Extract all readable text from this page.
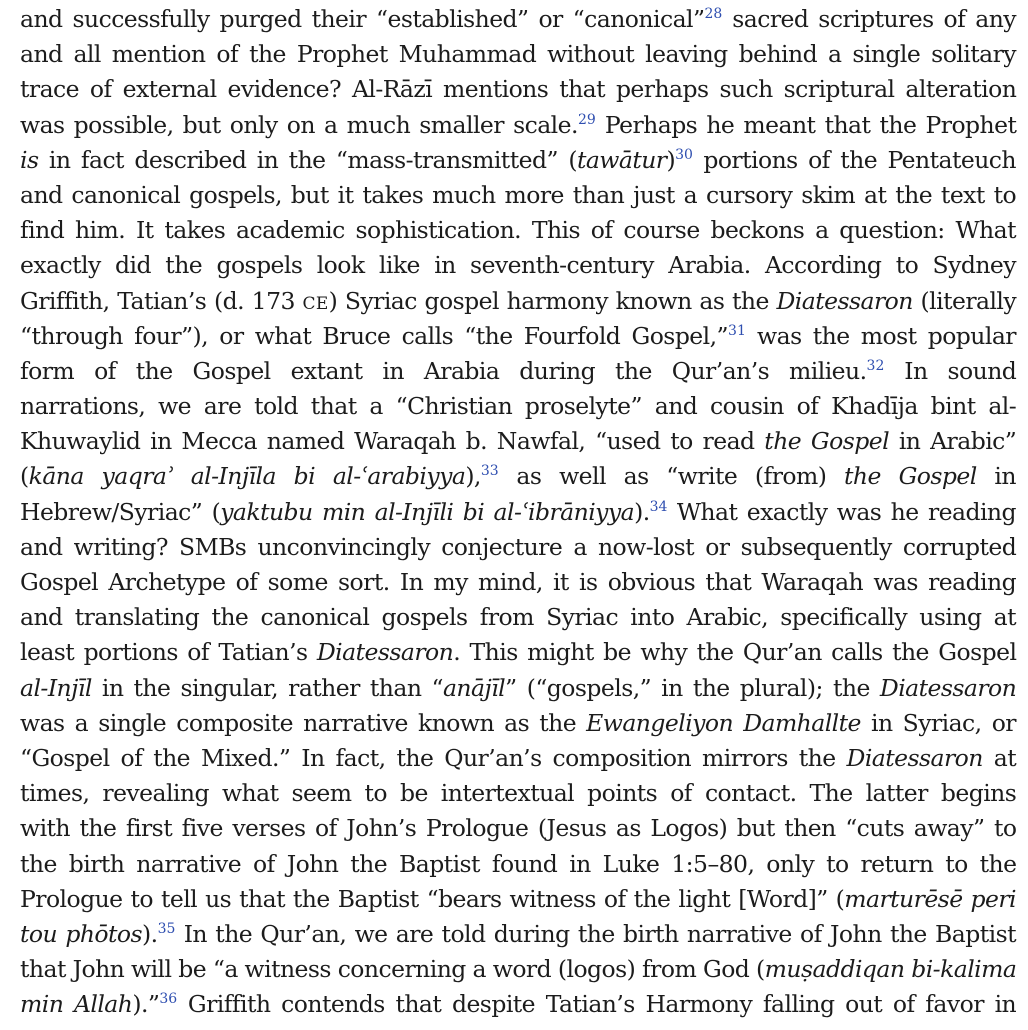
and successfully purged their “established” or “canonical”$^{28}$ sacred scriptures of any
and all mention of the Prophet Muhammad without leaving behind a single solitary
trace of external evidence? Al-Rāzī mentions that perhaps such scriptural alteration
was possible, but only on a much smaller scale.$^{29}$ Perhaps he meant that the Prophet
is in fact described in the “mass-transmitted” (tawātur)$^{30}$ portions of the Pentateuch
and canonical gospels, but it takes much more than just a cursory skim at the text to
find him. It takes academic sophistication. This of course beckons a question: What
exactly did the gospels look like in seventh-century Arabia. According to Sydney
Griffith, Tatian’s (d. 173 CE) Syriac gospel harmony known as the Diatessaron (literally
“through four”), or what Bruce calls “the Fourfold Gospel,”$^{31}$ was the most popular
form of the Gospel extant in Arabia during the Qur’an’s milieu.$^{32}$ In sound
narrations, we are told that a “Christian proselyte” and cousin of Khadīja bint al-
Khuwaylid in Mecca named Waraqah b. Nawfal, “used to read the Gospel in Arabic”
(kāna yaqraʾ al-Injīla bi al-ʿarabiyya),$^{33}$ as well as “write (from) the Gospel in
Hebrew/Syriac” (yaktubu min al-Injīli bi al-ʿibrāniyya).$^{34}$ What exactly was he reading
and writing? SMBs unconvincingly conjecture a now-lost or subsequently corrupted
Gospel Archetype of some sort. In my mind, it is obvious that Waraqah was reading
and translating the canonical gospels from Syriac into Arabic, specifically using at
least portions of Tatian’s Diatessaron. This might be why the Qur’an calls the Gospel
al-Injīl in the singular, rather than “anājīl” (“gospels,” in the plural); the Diatessaron
was a single composite narrative known as the Ewangeliyon Damhallte in Syriac, or
“Gospel of the Mixed.” In fact, the Qur’an’s composition mirrors the Diatessaron at
times, revealing what seem to be intertextual points of contact. The latter begins
with the first five verses of John’s Prologue (Jesus as Logos) but then “cuts away” to
the birth narrative of John the Baptist found in Luke 1:5–80, only to return to the
Prologue to tell us that the Baptist “bears witness of the light [Word]” (marturēsē peri
tou phōtos).$^{35}$ In the Qur’an, we are told during the birth narrative of John the Baptist
that John will be “a witness concerning a word (logos) from God (muṣaddiqan bi-kalima
min Allah).”$^{36}$ Griffith contends that despite Tatian’s Harmony falling out of favor in
